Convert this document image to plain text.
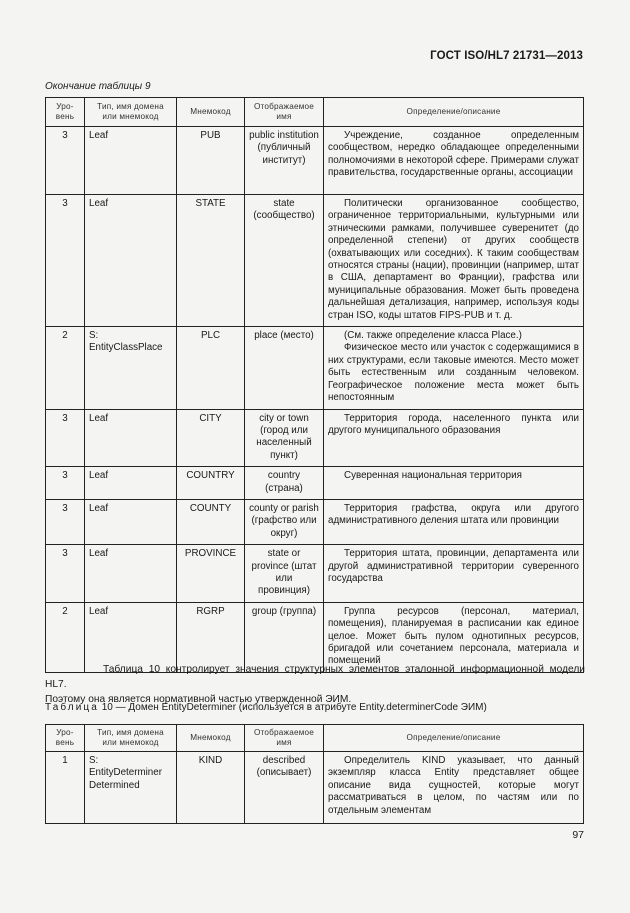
ГОСТ ISO/HL7 21731—2013
Окончание таблицы 9
Уро-
вень	Тип, имя домена
или мнемокод	Мнемокод	Отображаемое
имя	Определение/описание
3	Leaf	PUB	public institution (публичный институт)	Учреждение, созданное определенным сообществом, нередко обладающее определенными полномочиями в некоторой сфере. Примерами служат правительства, государственные органы, ассоциации

3	Leaf	STATE	state (сообщество)	Политически организованное сообщество, ограниченное территориальными, культурными или этническими рамками, получившее суверенитет (до определенной степени) от других сообществ (охватывающих или соседних). К таким сообществам относятся страны (нации), провинции (например, штат в США, департамент во Франции), графства или муниципальные образования. Может быть проведена дальнейшая детализация, например, используя коды стран ISO, коды штатов FIPS-PUB и т. д.

2	S: EntityClassPlace	PLC	place (место)	(См. также определение класса Place.)

Физическое место или участок с содержащимися в них структурами, если таковые имеются. Место может быть естественным или созданным человеком. Географическое положение места может быть непостоянным

3	Leaf	CITY	city or town (город или населенный пункт)	Территория города, населенного пункта или другого муниципального образования

3	Leaf	COUNTRY	country (страна)	Суверенная национальная территория

3	Leaf	COUNTY	county or parish (графство или округ)	Территория графства, округа или другого административного деления штата или провинции

3	Leaf	PROVINCE	state or province (штат или провинция)	Территория штата, провинции, департамента или другой административной территории суверенного государства

2	Leaf	RGRP	group (группа)	Группа ресурсов (персонал, материал, помещения), планируемая в расписании как единое целое. Может быть пулом однотипных ресурсов, бригадой или сочетанием персонала, материала и помещений

Таблица 10 контролирует значения структурных элементов эталонной информационной модели HL7.
Поэтому она является нормативной частью утвержденной ЭИМ.
Таблица 10 — Домен EntityDeterminer (используется в атрибуте Entity.determinerCode ЭИМ)
Уро-
вень	Тип, имя домена
или мнемокод	Мнемокод	Отображаемое
имя	Определение/описание
1	S: EntityDeterminer Determined	KIND	described (описывает)	Определитель KIND указывает, что данный экземпляр класса Entity представляет общее описание вида сущностей, которые могут рассматриваться в целом, по частям или по отдельным элементам

97
